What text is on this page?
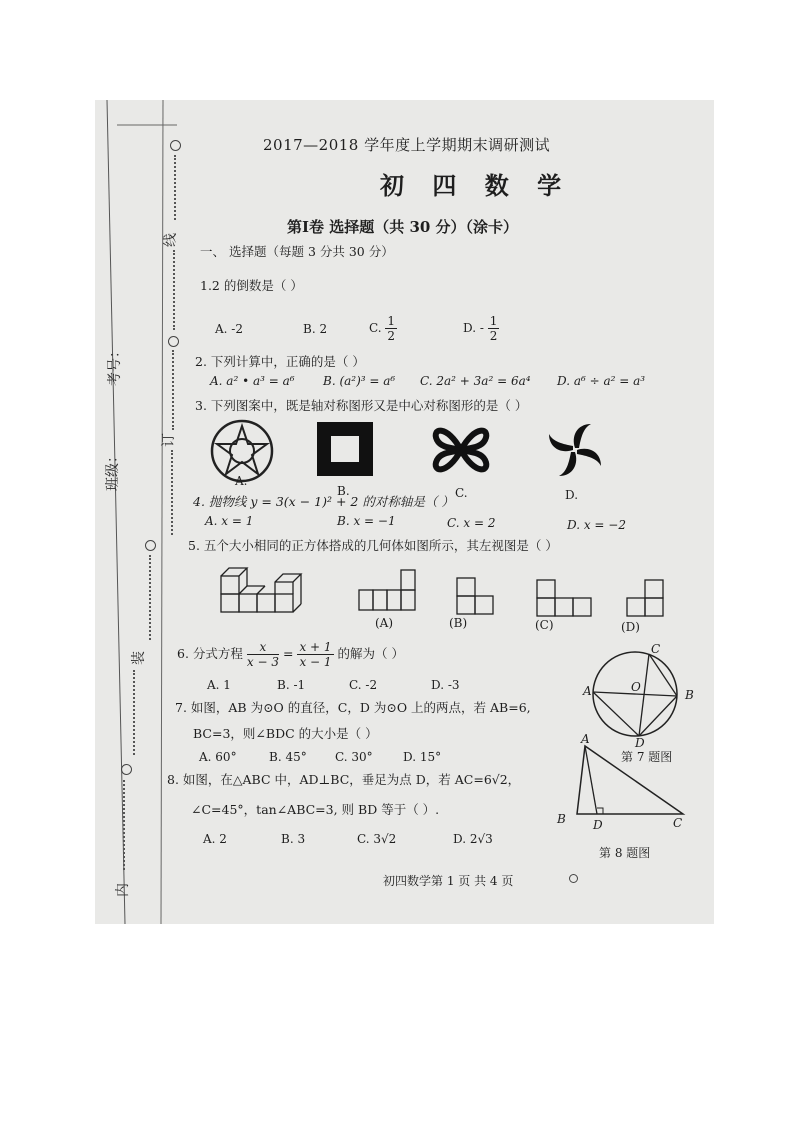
线
考号：
订
班级：
装
内
2017—2018 学年度上学期期末调研测试
初 四 数 学
第Ⅰ卷 选择题（共 30 分）（涂卡）
一、 选择题（每题 3 分共 30 分）
1.2 的倒数是（ ）
A. -2	B. 2	C. $\frac{1}{2}$	D. - $\frac{1}{2}$
2. 下列计算中，正确的是（ ）
A. a² • a³ = a⁶ B. (a²)³ = a⁶ C. 2a² + 3a² = 6a⁴ D. a⁶ ÷ a² = a³
3. 下列图案中，既是轴对称图形又是中心对称图形的是（ ）
A.
B.	C.	D.
4. 抛物线 y = 3(x − 1)² + 2 的对称轴是（ ）
A. x = 1	B. x = −1	C. x = 2	D. x = −2
5. 五个大小相同的正方体搭成的几何体如图所示，其左视图是（ ）
(A)	(B)	(C)	(D)
6. 分式方程 $\frac{x}{x - 3} = \frac{x + 1}{x - 1}$ 的解为（ ）
A. 1	B. -1	C. -2	D. -3
7. 如图，AB 为⊙O 的直径，C，D 为⊙O 上的两点，若 AB=6,
BC=3，则∠BDC 的大小是（ ）
A. 60°	B. 45° C. 30°	D. 15°
8. 如图，在△ABC 中，AD⊥BC，垂足为点 D，若 AC=6√2，
∠C=45°，tan∠ABC=3, 则 BD 等于（ ）.
A. 2	B. 3	C. 3√2	D. 2√3
A	B
C
D
O
第 7 题图
A
B	C
D
第 8 题图
初四数学第 1 页 共 4 页
